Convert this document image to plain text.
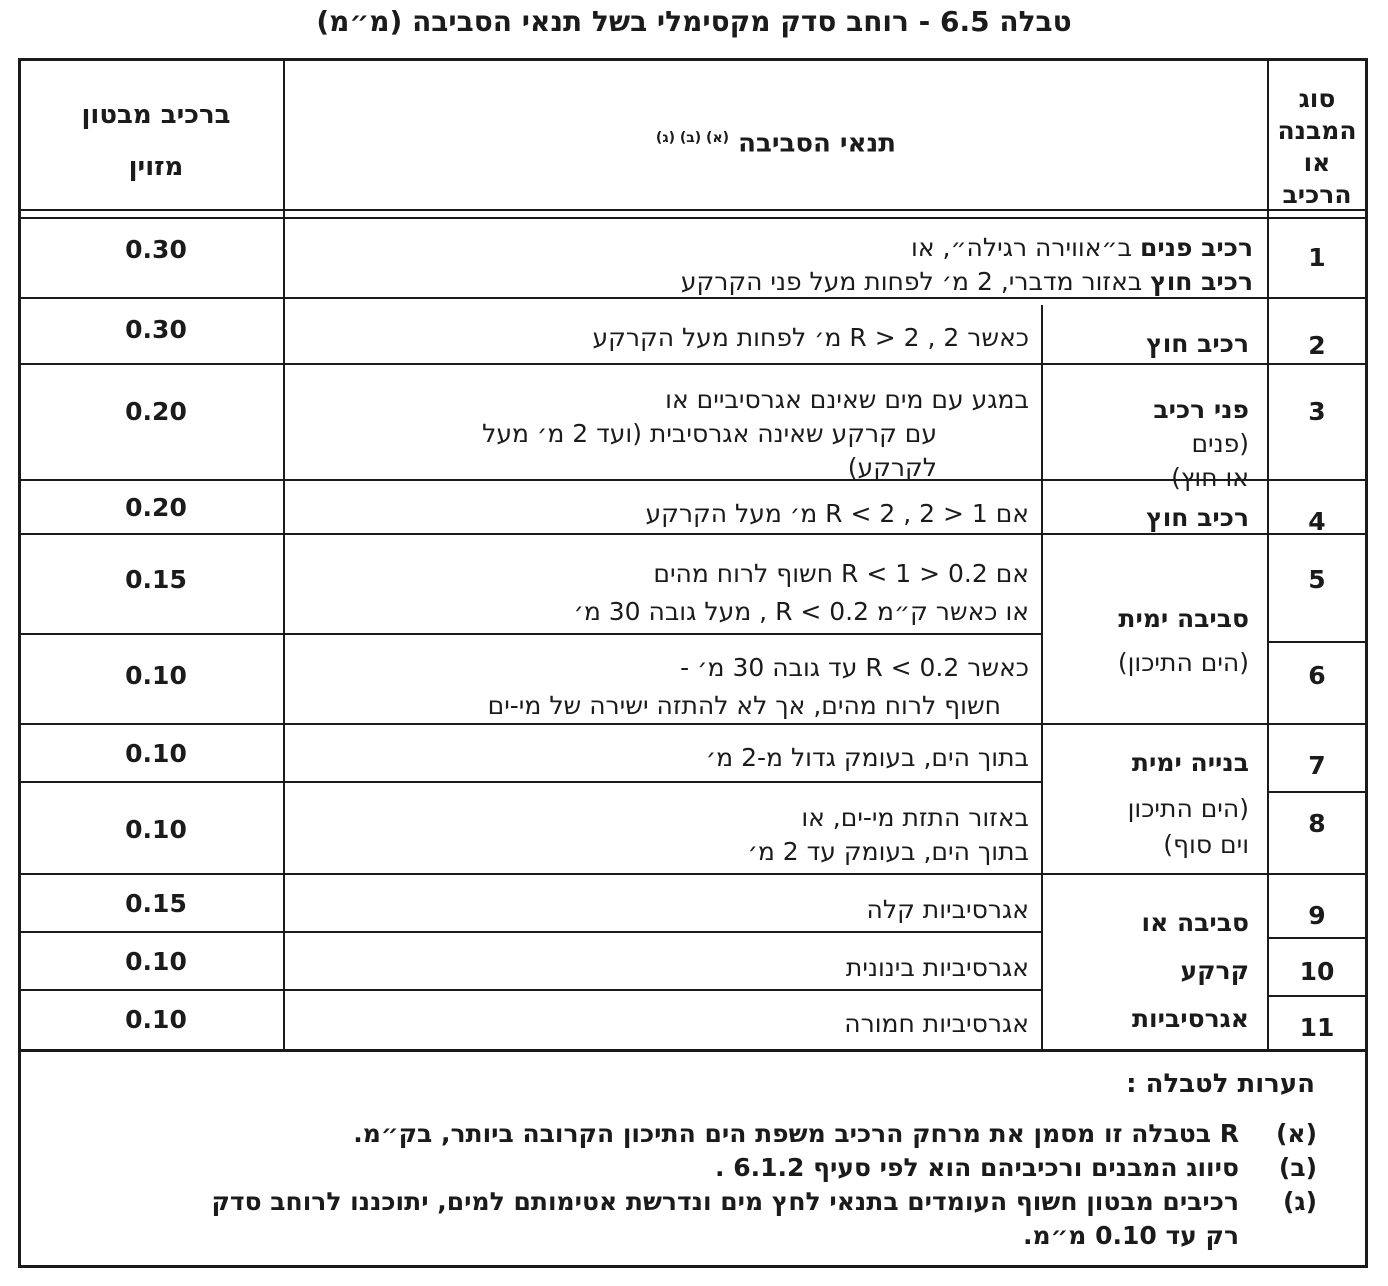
טבלה 6.5 - רוחב סדק מקסימלי בשל תנאי הסביבה (מ״מ)
סוג המבנה או הרכיב
תנאי הסביבה $^{(א) (ב) (ג)}$
ברכיב מבטון מזוין
1
רכיב פנים ב״אווירה רגילה״, או
רכיב חוץ באזור מדברי, 2 מ׳ לפחות מעל פני הקרקע
0.30
2
רכיב חוץ
כאשר R > 2 , 2 מ׳ לפחות מעל הקרקע
0.30
3
פני רכיב
(פנים
או חוץ)
במגע עם מים שאינם אגרסיביים או
עם קרקע שאינה אגרסיבית (ועד 2 מ׳ מעל
לקרקע)
0.20
4
רכיב חוץ
אם 1 < R < 2 , 2 מ׳ מעל הקרקע
0.20
סביבה ימית
(הים התיכון)
5
אם 0.2 < R < 1 חשוף לרוח מהים
או כאשר ק״מ R < 0.2 , מעל גובה 30 מ׳
0.15
6
כאשר R < 0.2 עד גובה 30 מ׳ -
חשוף לרוח מהים, אך לא להתזה ישירה של מי-ים
0.10
בנייה ימית
(הים התיכון
וים סוף)
7
בתוך הים, בעומק גדול מ-2 מ׳
0.10
8
באזור התזת מי-ים, או
בתוך הים, בעומק עד 2 מ׳
0.10
סביבה או
קרקע
אגרסיביות
9
אגרסיביות קלה
0.15
10
אגרסיביות בינונית
0.10
11
אגרסיביות חמורה
0.10
הערות לטבלה :
(א)
R בטבלה זו מסמן את מרחק הרכיב משפת הים התיכון הקרובה ביותר, בק״מ.
(ב)
סיווג המבנים ורכיביהם הוא לפי סעיף 6.1.2 .
(ג)
רכיבים מבטון חשוף העומדים בתנאי לחץ מים ונדרשת אטימותם למים, יתוכננו לרוחב סדק
רק עד 0.10 מ״מ.
